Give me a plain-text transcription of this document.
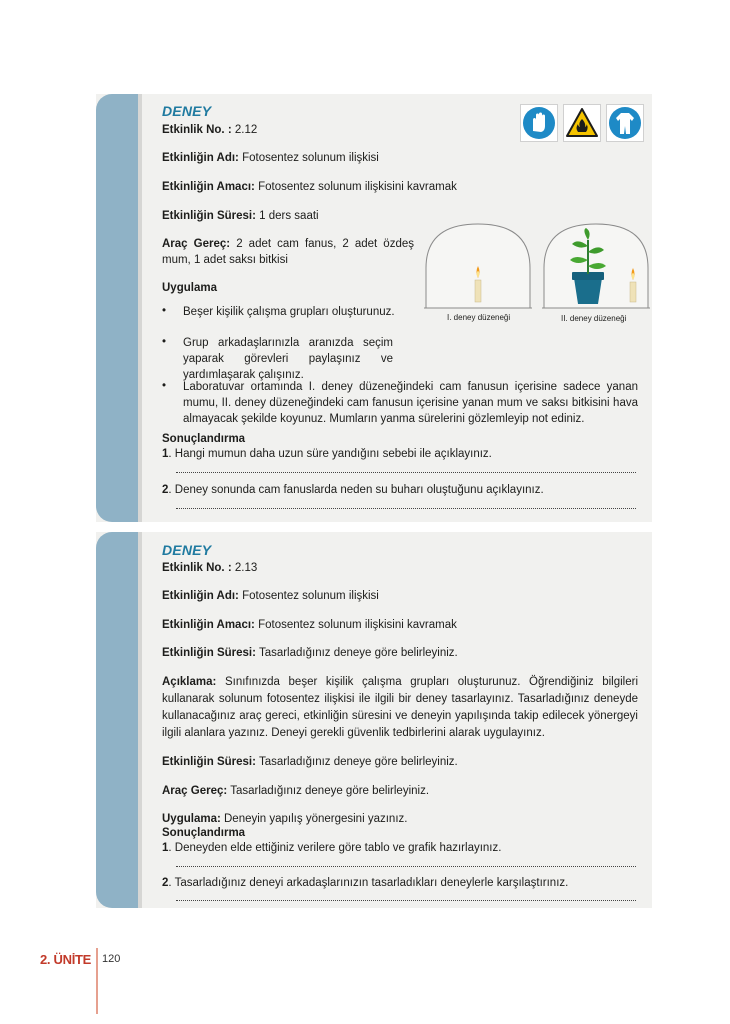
DENEY
Etkinlik No. : 2.12
Etkinliğin Adı: Fotosentez solunum ilişkisi
Etkinliğin Amacı: Fotosentez solunum ilişkisini kavramak
Etkinliğin Süresi: 1 ders saati
Araç Gereç: 2 adet cam fanus, 2 adet özdeş mum, 1 adet saksı bitkisi
Uygulama
• Beşer kişilik çalışma grupları oluşturunuz.
• Grup arkadaşlarınızla aranızda seçim yaparak görevleri paylaşınız ve yardımlaşarak çalışınız.
• Laboratuvar ortamında I. deney düzeneğindeki cam fanusun içerisine sadece yanan mumu, II. deney düzeneğindeki cam fanusun içerisine yanan mum ve saksı bitkisini hava almayacak şekilde koyunuz. Mumların yanma sürelerini gözlemleyip not ediniz.
Sonuçlandırma
1. Hangi mumun daha uzun süre yandığını sebebi ile açıklayınız.
2. Deney sonunda cam fanuslarda neden su buharı oluştuğunu açıklayınız.
I. deney düzeneği	II. deney düzeneği
DENEY
Etkinlik No. : 2.13
Etkinliğin Adı: Fotosentez solunum ilişkisi
Etkinliğin Amacı: Fotosentez solunum ilişkisini kavramak
Etkinliğin Süresi: Tasarladığınız deneye göre belirleyiniz.
Açıklama: Sınıfınızda beşer kişilik çalışma grupları oluşturunuz. Öğrendiğiniz bilgileri kullanarak solunum fotosentez ilişkisi ile ilgili bir deney tasarlayınız. Tasarladığınız deneyde kullanacağınız araç gereci, etkinliğin süresini ve deneyin yapılışında takip edilecek yönergeyi ilgili alanlara yazınız. Deneyi gerekli güvenlik tedbirlerini alarak uygulayınız.
Etkinliğin Süresi: Tasarladığınız deneye göre belirleyiniz.
Araç Gereç: Tasarladığınız deneye göre belirleyiniz.
Uygulama: Deneyin yapılış yönergesini yazınız.
Sonuçlandırma
1. Deneyden elde ettiğiniz verilere göre tablo ve grafik hazırlayınız.
2. Tasarladığınız deneyi arkadaşlarınızın tasarladıkları deneylerle karşılaştırınız.
2. ÜNİTE 120
